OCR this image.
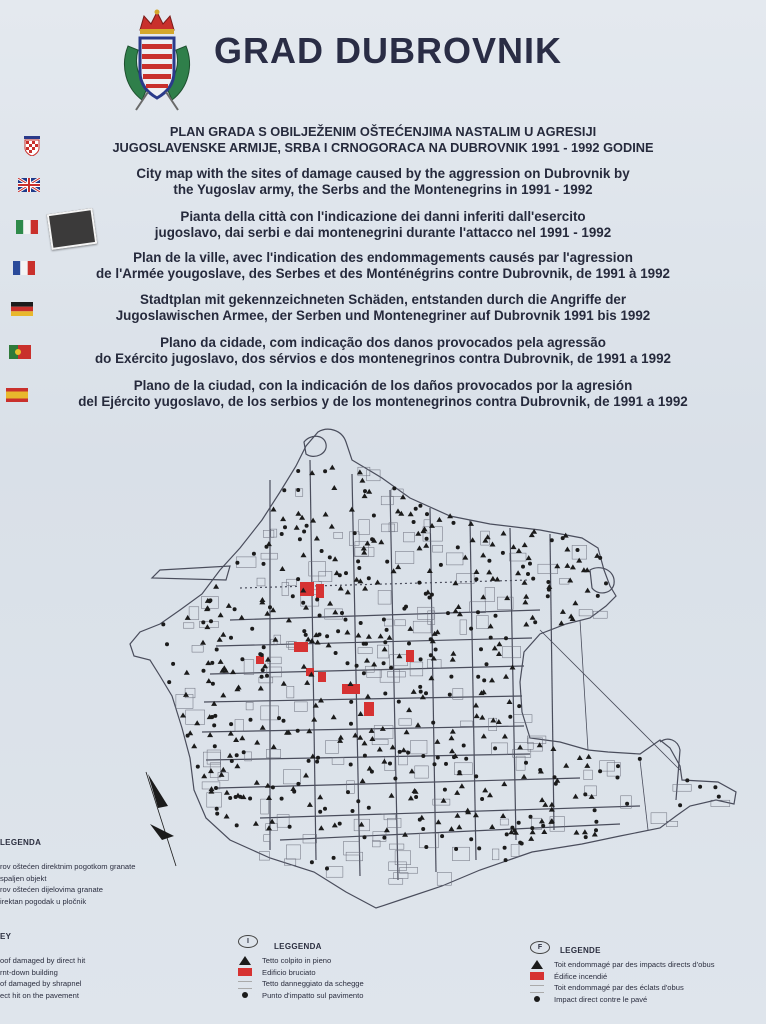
GRAD DUBROVNIK
PLAN GRADA S OBILJEŽENIM OŠTEĆENJIMA NASTALIM U AGRESIJI
JUGOSLAVENSKE ARMIJE, SRBA I CRNOGORACA NA DUBROVNIK 1991 - 1992 GODINE
City map with the sites of damage caused by the aggression on Dubrovnik by
the Yugoslav army, the Serbs and the Montenegrins in 1991 - 1992
Pianta della città con l'indicazione dei danni inferiti dall'esercito
jugoslavo, dai serbi e dai montenegrini durante l'attacco nel 1991 - 1992
Plan de la ville, avec l'indication des endommagements causés par l'agression
de l'Armée yougoslave, des Serbes et des Monténégrins contre Dubrovnik, de 1991 à 1992
Stadtplan mit gekennzeichneten Schäden, entstanden durch die Angriffe der
Jugoslawischen Armee, der Serben und Montenegriner auf Dubrovnik 1991 bis 1992
Plano da cidade, com indicação dos danos provocados pela agressão
do Exército jugoslavo, dos sérvios e dos montenegrinos contra Dubrovnik, de 1991 a 1992
Plano de la ciudad, con la indicación de los daños provocados por la agresión
del Ejército yugoslavo, de los serbios y de los montenegrinos contra Dubrovnik, de 1991 a 1992
LEGENDA
rov oštećen direktnim pogotkom granate
spaljen objekt
rov oštećen dijelovima granate
irektan pogodak u pločnik
EY
oof damaged by direct hit
rnt-down building
of damaged by shrapnel
ect hit on the pavement
I
LEGGENDA
Tetto colpito in pieno
Edificio bruciato
Tetto danneggiato da schegge
Punto d'impatto sul pavimento
F	LEGENDE
Toit endommagé par des impacts directs d'obus
Édifice incendié
Toit endommagé par des éclats d'obus
Impact direct contre le pavé
